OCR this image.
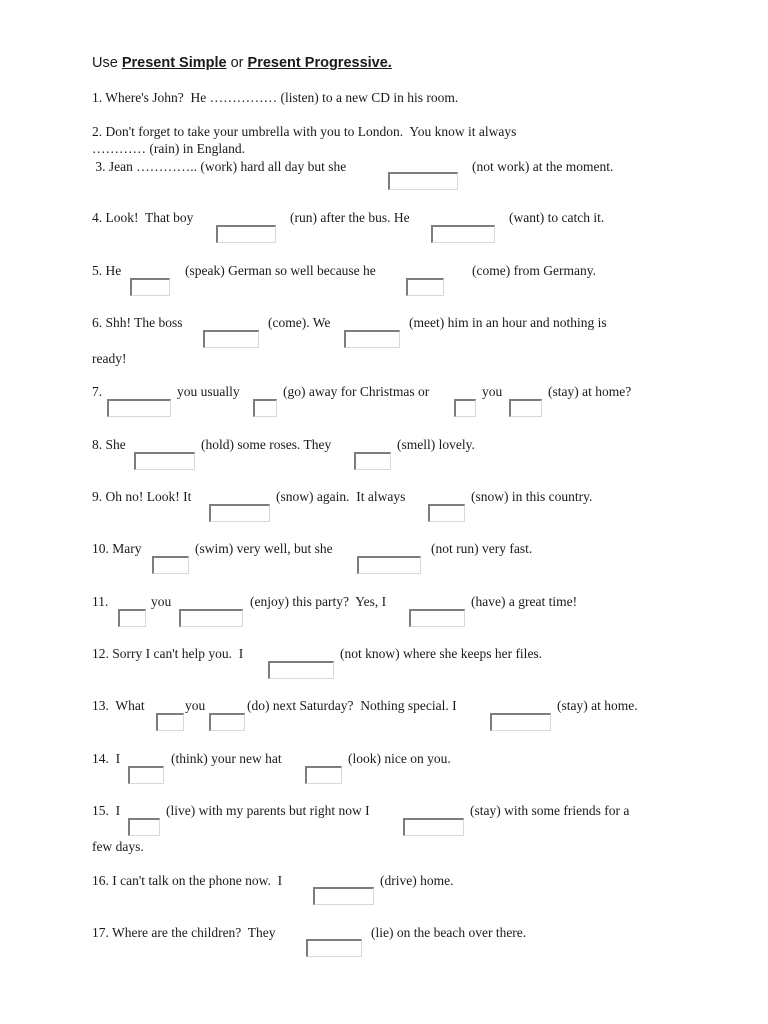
Use Present Simple or Present Progressive.
1. Where's John?  He …………… (listen) to a new CD in his room.
2. Don't forget to take your umbrella with you to London.  You know it always
………… (rain) in England.
3. Jean ………….. (work) hard all day but she	(not work) at the moment.
4. Look!  That boy	(run) after the bus. He	(want) to catch it.
5. He	(speak) German so well because he	(come) from Germany.
6. Shh! The boss	(come). We	(meet) him in an hour and nothing is
ready!
7.	you usually	(go) away for Christmas or	you	(stay) at home?
8. She	(hold) some roses. They	(smell) lovely.
9. Oh no! Look! It	(snow) again.  It always	(snow) in this country.
10. Mary	(swim) very well, but she	(not run) very fast.
11.	you	(enjoy) this party?  Yes, I	(have) a great time!
12. Sorry I can't help you.  I	(not know) where she keeps her files.
13.  What	you	(do) next Saturday?  Nothing special. I	(stay) at home.
14.  I	(think) your new hat	(look) nice on you.
15.  I	(live) with my parents but right now I	(stay) with some friends for a
few days.
16. I can't talk on the phone now.  I	(drive) home.
17. Where are the children?  They	(lie) on the beach over there.
